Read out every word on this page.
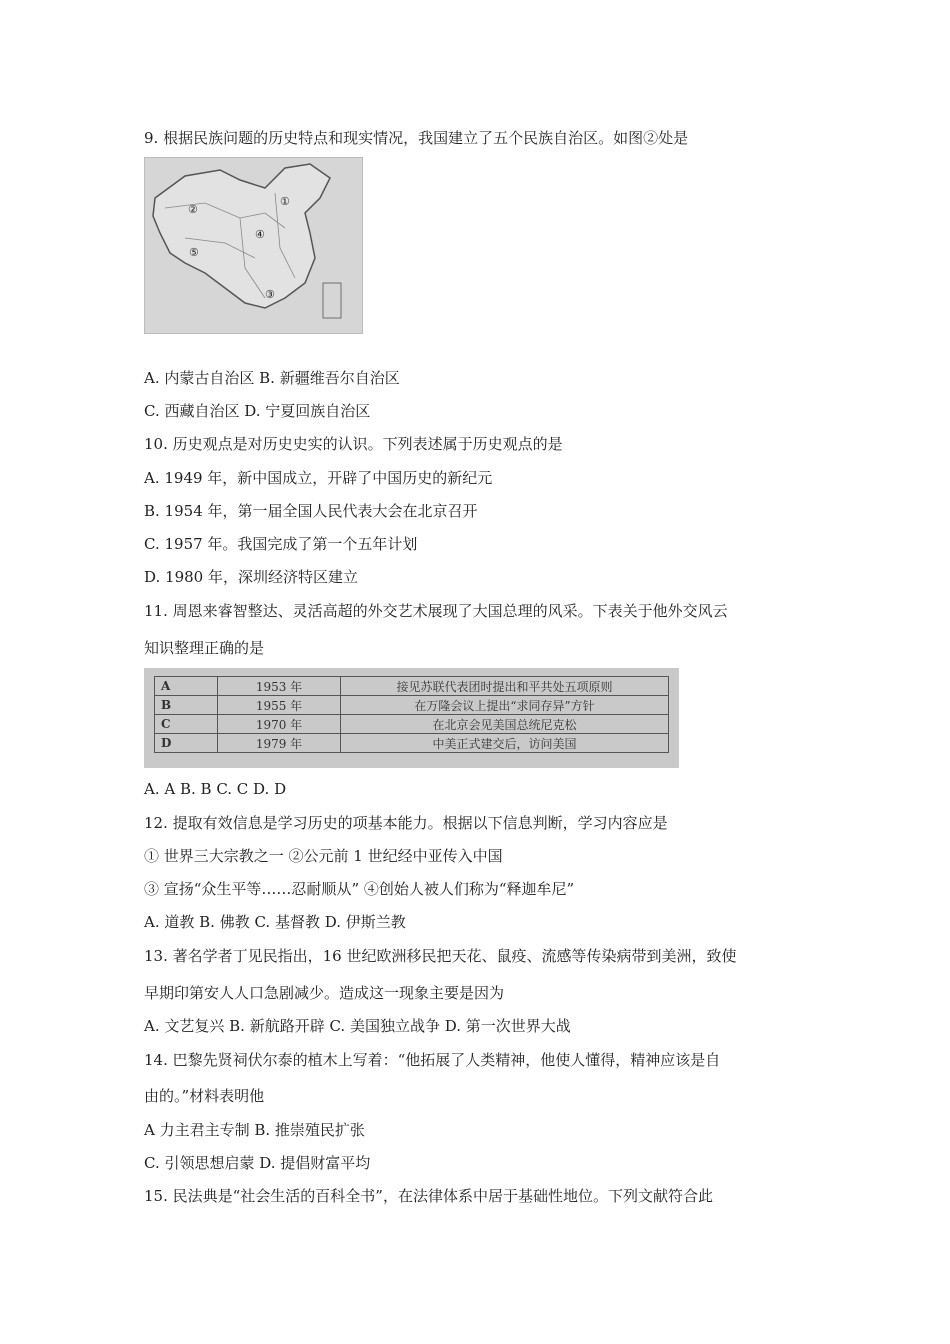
9. 根据民族问题的历史特点和现实情况，我国建立了五个民族自治区。如图②处是
②
①
④
⑤
③
A. 内蒙古自治区 B. 新疆维吾尔自治区
C. 西藏自治区 D. 宁夏回族自治区
10. 历史观点是对历史史实的认识。下列表述属于历史观点的是
A. 1949 年，新中国成立，开辟了中国历史的新纪元
B. 1954 年，第一届全国人民代表大会在北京召开
C. 1957 年。我国完成了第一个五年计划
D. 1980 年，深圳经济特区建立
11. 周恩来睿智整达、灵活高超的外交艺术展现了大国总理的风采。下表关于他外交风云
知识整理正确的是
A	1953 年	接见苏联代表团时提出和平共处五项原则
B	1955 年	在万隆会议上提出“求同存异”方针
C	1970 年	在北京会见美国总统尼克松
D	1979 年	中美正式建交后，访问美国
A. A B. B C. C D. D
12. 提取有效信息是学习历史的项基本能力。根据以下信息判断，学习内容应是
① 世界三大宗教之一 ②公元前 1 世纪经中亚传入中国
③ 宣扬“众生平等……忍耐顺从” ④创始人被人们称为“释迦牟尼”
A. 道教 B. 佛教 C. 基督教 D. 伊斯兰教
13. 著名学者丁见民指出，16 世纪欧洲移民把天花、鼠疫、流感等传染病带到美洲，致使
早期印第安人人口急剧减少。造成这一现象主要是因为
A. 文艺复兴 B. 新航路开辟 C. 美国独立战争 D. 第一次世界大战
14. 巴黎先贤祠伏尔泰的植木上写着：“他拓展了人类精神，他使人懂得，精神应该是自
由的。”材料表明他
A 力主君主专制 B. 推崇殖民扩张
C. 引领思想启蒙 D. 提倡财富平均
15. 民法典是“社会生活的百科全书”，在法律体系中居于基础性地位。下列文献符合此
